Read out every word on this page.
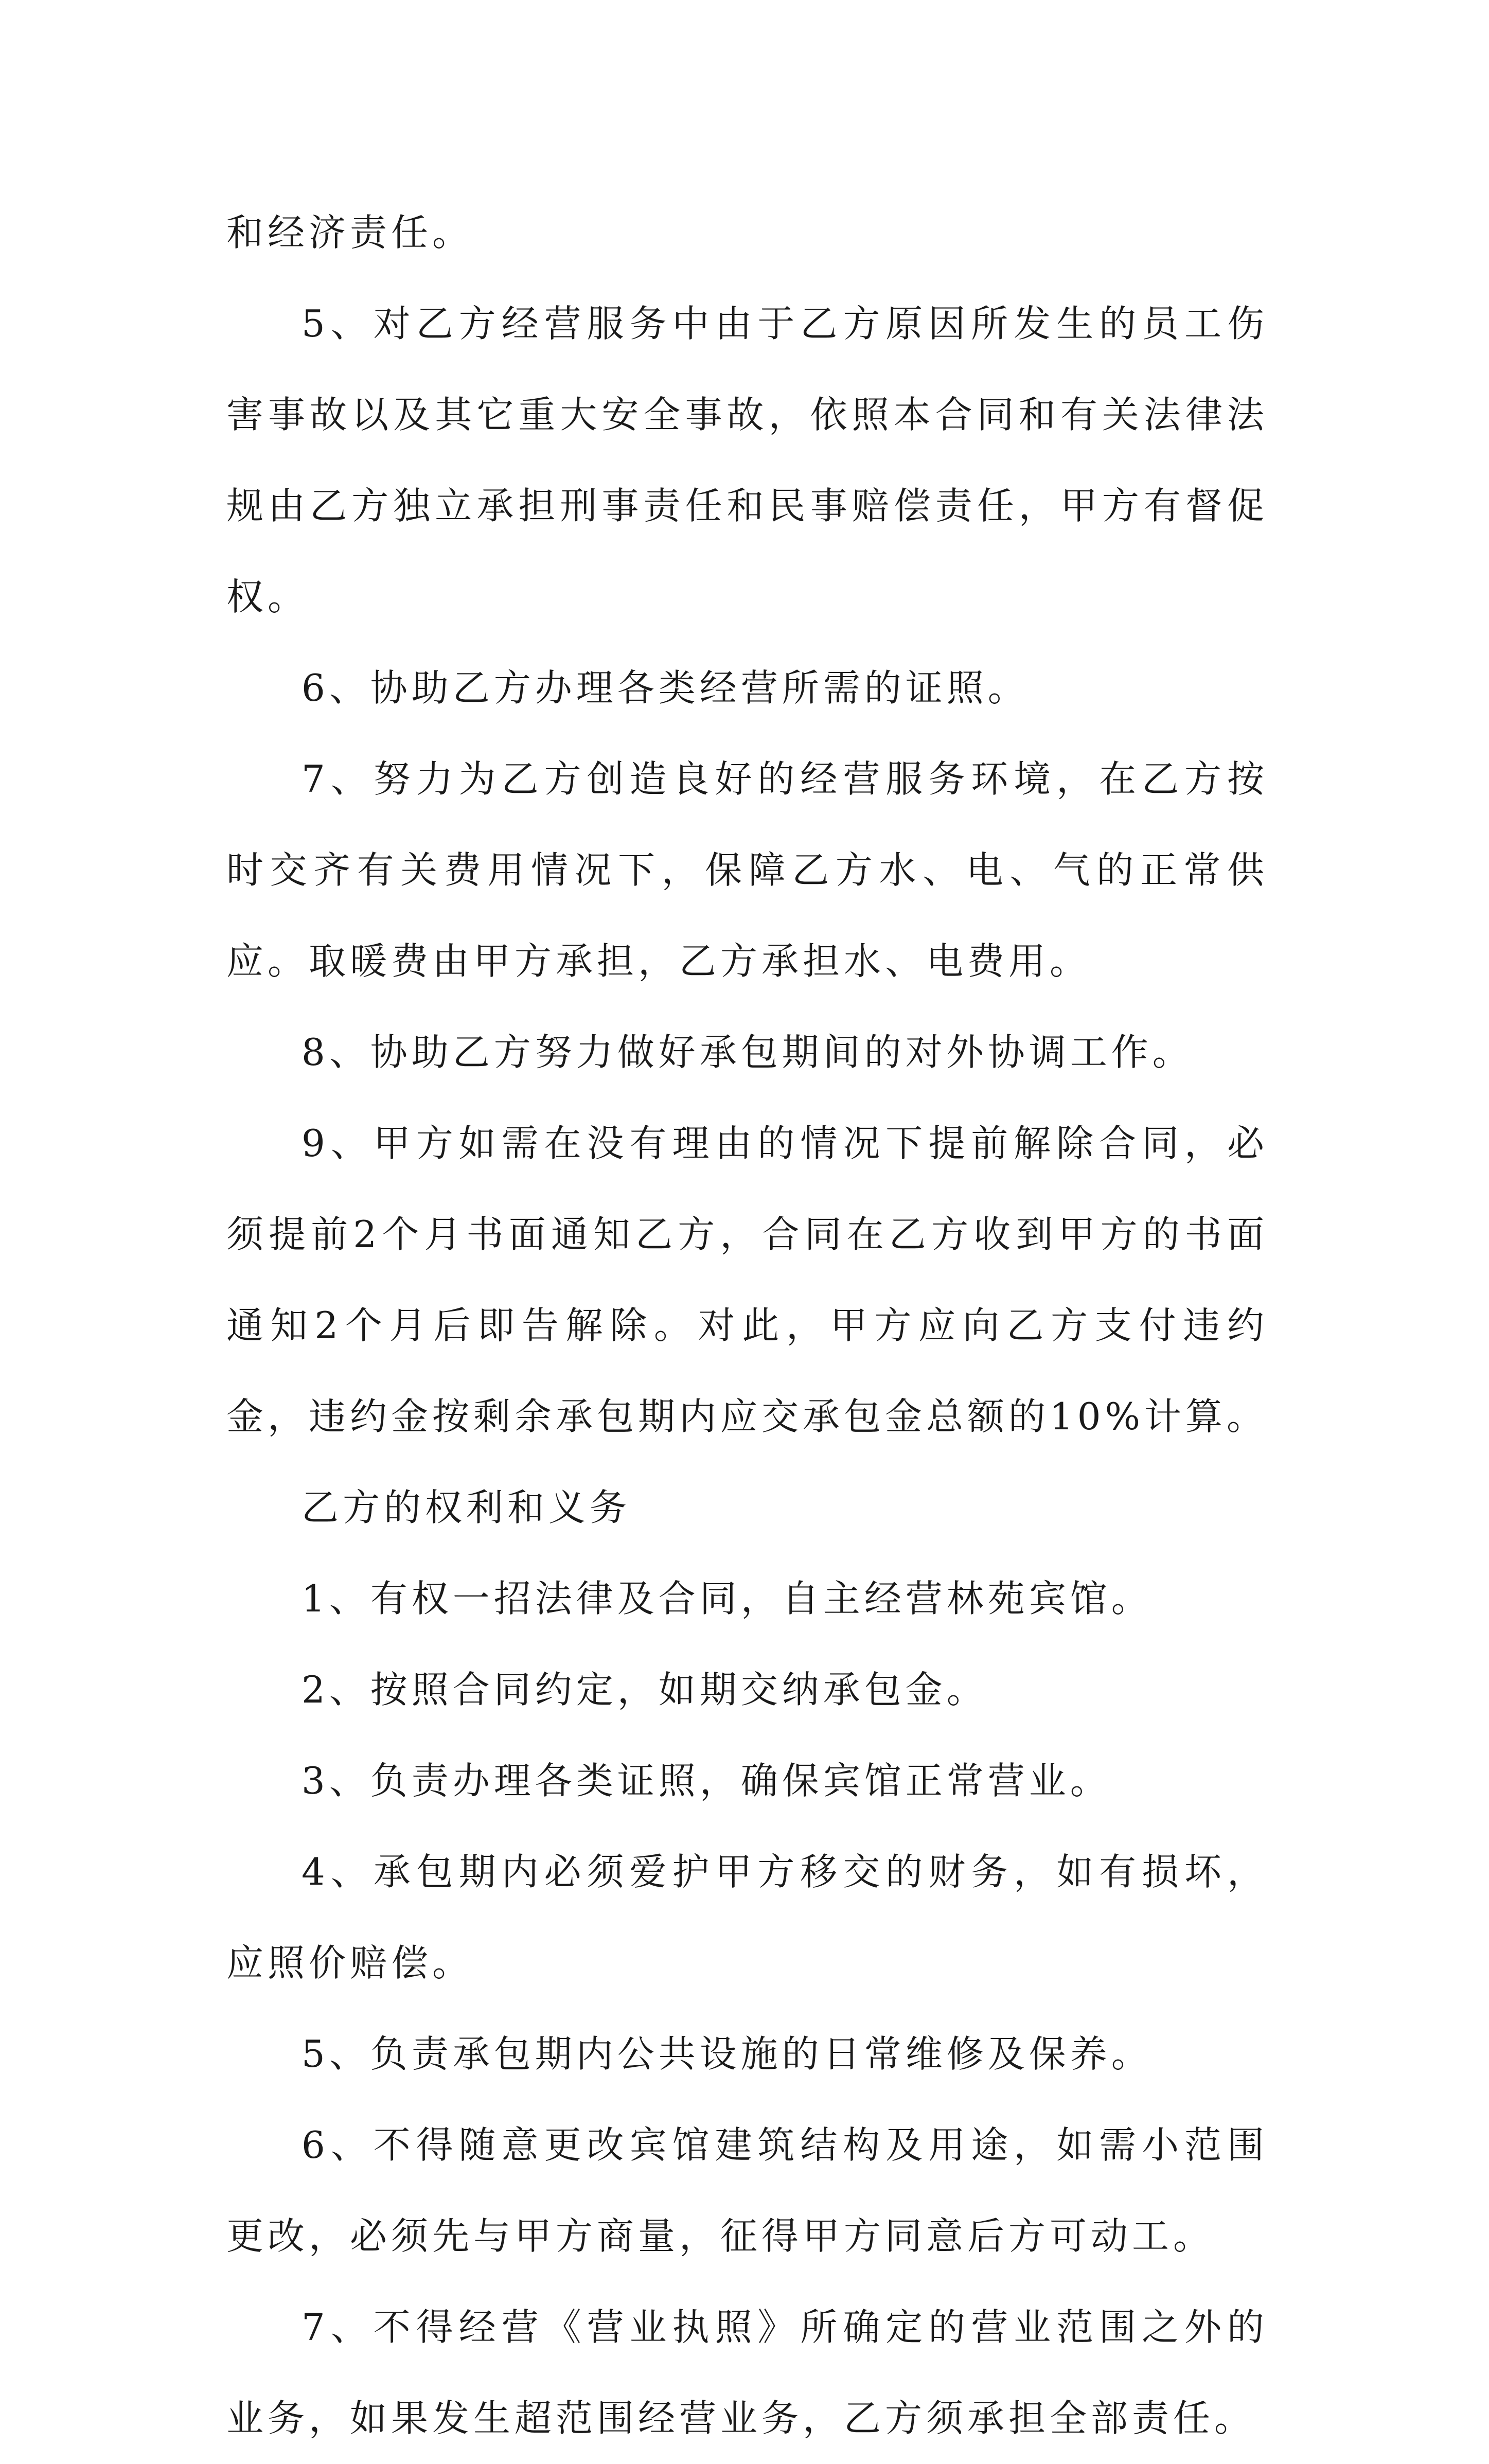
和经济责任。

5、对乙方经营服务中由于乙方原因所发生的员工伤害事故以及其它重大安全事故，依照本合同和有关法律法规由乙方独立承担刑事责任和民事赔偿责任，甲方有督促权。

6、协助乙方办理各类经营所需的证照。

7、努力为乙方创造良好的经营服务环境，在乙方按时交齐有关费用情况下，保障乙方水、电、气的正常供应。取暖费由甲方承担，乙方承担水、电费用。

8、协助乙方努力做好承包期间的对外协调工作。

9、甲方如需在没有理由的情况下提前解除合同，必须提前2个月书面通知乙方，合同在乙方收到甲方的书面通知2个月后即告解除。对此，甲方应向乙方支付违约金，违约金按剩余承包期内应交承包金总额的10%计算。

乙方的权利和义务

1、有权一招法律及合同，自主经营林苑宾馆。

2、按照合同约定，如期交纳承包金。

3、负责办理各类证照，确保宾馆正常营业。

4、承包期内必须爱护甲方移交的财务，如有损坏，应照价赔偿。

5、负责承包期内公共设施的日常维修及保养。

6、不得随意更改宾馆建筑结构及用途，如需小范围更改，必须先与甲方商量，征得甲方同意后方可动工。

7、不得经营《营业执照》所确定的营业范围之外的业务，如果发生超范围经营业务，乙方须承担全部责任。
